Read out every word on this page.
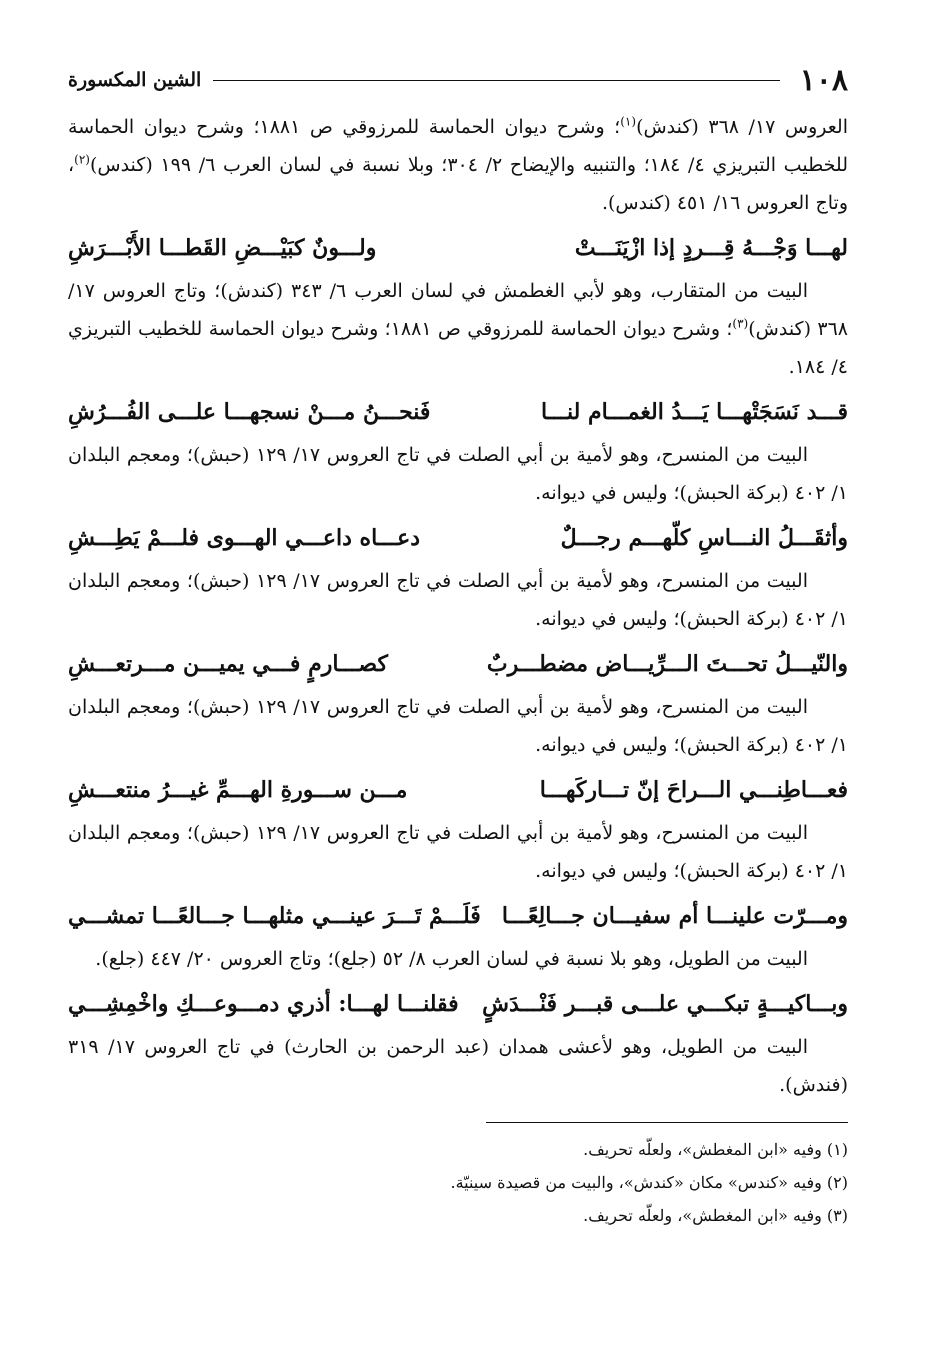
١٠٨
الشين المكسورة

العروس ١٧/ ٣٦٨ (كندش)$^{(١)}$؛ وشرح ديوان الحماسة للمرزوقي ص ١٨٨١؛ وشرح ديوان الحماسة للخطيب التبريزي ٤/ ١٨٤؛ والتنبيه والإيضاح ٢/ ٣٠٤؛ وبلا نسبة في لسان العرب ٦/ ١٩٩ (كندس)$^{(٢)}$، وتاج العروس ١٦/ ٤٥١ (كندس).

لهـــا وَجْـــهُ قِـــردٍ إذا ازْيَنَـــتْ
ولـــونٌ كبَيْـــضِ القَطـــا الأَبْـــرَشِ

البيت من المتقارب، وهو لأبي الغطمش في لسان العرب ٦/ ٣٤٣ (كندش)؛ وتاج العروس ١٧/ ٣٦٨ (كندش)$^{(٣)}$؛ وشرح ديوان الحماسة للمرزوقي ص ١٨٨١؛ وشرح ديوان الحماسة للخطيب التبريزي ٤/ ١٨٤.

قـــد نَسَجَتْهـــا يَـــدُ الغمـــام لنـــا
فَنحـــنُ مـــنْ نسجهـــا علـــى الفُـــرُشِ

البيت من المنسرح، وهو لأمية بن أبي الصلت في تاج العروس ١٧/ ١٢٩ (حبش)؛ ومعجم البلدان ١/ ٤٠٢ (بركة الحبش)؛ وليس في ديوانه.

وأثقَـــلُ النـــاسِ كلّهـــم رجـــلٌ
دعـــاه داعـــي الهـــوى فلـــمْ يَطِـــشِ

البيت من المنسرح، وهو لأمية بن أبي الصلت في تاج العروس ١٧/ ١٢٩ (حبش)؛ ومعجم البلدان ١/ ٤٠٢ (بركة الحبش)؛ وليس في ديوانه.

والنّيـــلُ تحـــتَ الـــرِّيـــاض مضطـــربٌ
كصـــارمٍ فـــي يميـــن مـــرتعـــشِ

البيت من المنسرح، وهو لأمية بن أبي الصلت في تاج العروس ١٧/ ١٢٩ (حبش)؛ ومعجم البلدان ١/ ٤٠٢ (بركة الحبش)؛ وليس في ديوانه.

فعـــاطِنـــي الـــراحَ إنّ تـــاركَهـــا
مـــن ســـورةِ الهـــمِّ غيـــرُ منتعـــشِ

البيت من المنسرح، وهو لأمية بن أبي الصلت في تاج العروس ١٧/ ١٢٩ (حبش)؛ ومعجم البلدان ١/ ٤٠٢ (بركة الحبش)؛ وليس في ديوانه.

ومـــرّت علينـــا أم سفيـــان جـــالِعًـــا
فَلَـــمْ تَـــرَ عينـــي مثلهـــا جـــالعًـــا تمشـــي

البيت من الطويل، وهو بلا نسبة في لسان العرب ٨/ ٥٢ (جلع)؛ وتاج العروس ٢٠/ ٤٤٧ (جلع).

وبـــاكيـــةٍ تبكـــي علـــى قبـــر فَنْـــدَشٍ
فقلنـــا لهـــا: أذري دمـــوعـــكِ واخْمِشِـــي

البيت من الطويل، وهو لأعشى همدان (عبد الرحمن بن الحارث) في تاج العروس ١٧/ ٣١٩ (فندش).

(١) وفيه «ابن المغطش»، ولعلّه تحريف.

(٢) وفيه «كندس» مكان «كندش»، والبيت من قصيدة سينيّة.

(٣) وفيه «ابن المغطش»، ولعلّه تحريف.
